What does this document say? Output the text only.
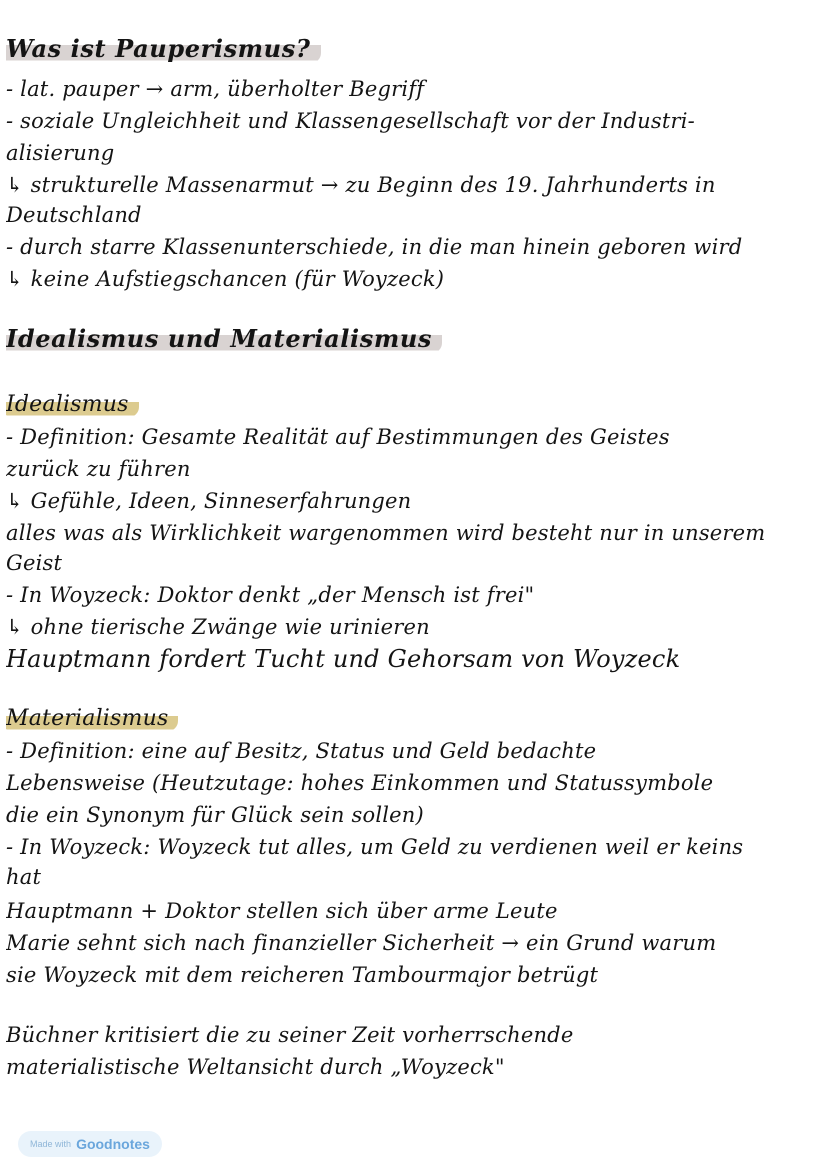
Was ist Pauperismus?
- lat. pauper → arm, überholter Begriff
- soziale Ungleichheit und Klassengesellschaft vor der Industri-
alisierung
↳ strukturelle Massenarmut → zu Beginn des 19. Jahrhunderts in
Deutschland
- durch starre Klassenunterschiede, in die man hinein geboren wird
↳ keine Aufstiegschancen (für Woyzeck)
Idealismus und Materialismus
Idealismus
- Definition: Gesamte Realität auf Bestimmungen des Geistes
zurück zu führen
↳ Gefühle, Ideen, Sinneserfahrungen
alles was als Wirklichkeit wargenommen wird besteht nur in unserem
Geist
- In Woyzeck: Doktor denkt „der Mensch ist frei"
↳ ohne tierische Zwänge wie urinieren
Hauptmann fordert Tucht und Gehorsam von Woyzeck
Materialismus
- Definition: eine auf Besitz, Status und Geld bedachte
Lebensweise (Heutzutage: hohes Einkommen und Statussymbole
die ein Synonym für Glück sein sollen)
- In Woyzeck: Woyzeck tut alles, um Geld zu verdienen weil er keins
hat
Hauptmann + Doktor stellen sich über arme Leute
Marie sehnt sich nach finanzieller Sicherheit → ein Grund warum
sie Woyzeck mit dem reicheren Tambourmajor betrügt
Büchner kritisiert die zu seiner Zeit vorherrschende
materialistische Weltansicht durch „Woyzeck"
Made with Goodnotes
